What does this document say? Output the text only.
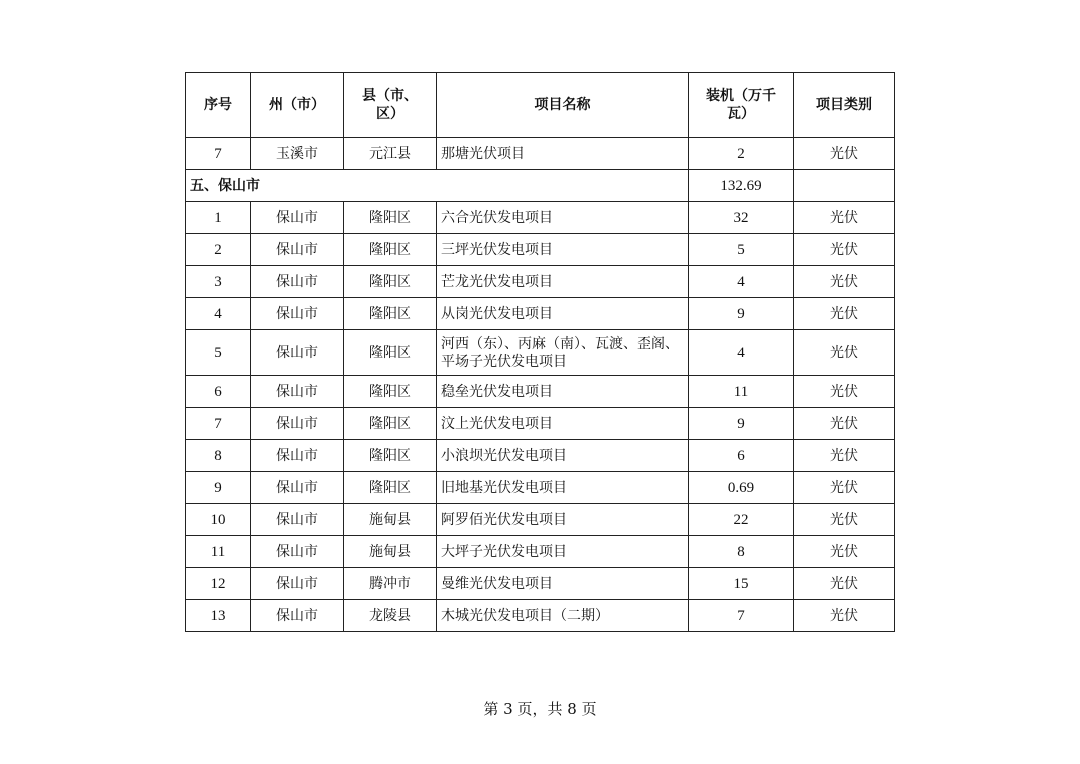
序号	州（市）	县（市、区）	项目名称	装机（万千瓦）	项目类别
7	玉溪市	元江县	那塘光伏项目	2	光伏
五、保山市				132.69	
1	保山市	隆阳区	六合光伏发电项目	32	光伏
2	保山市	隆阳区	三坪光伏发电项目	5	光伏
3	保山市	隆阳区	芒龙光伏发电项目	4	光伏
4	保山市	隆阳区	从岗光伏发电项目	9	光伏
5	保山市	隆阳区	河西（东）、丙麻（南）、瓦渡、歪阁、平场子光伏发电项目	4	光伏
6	保山市	隆阳区	稳垒光伏发电项目	11	光伏
7	保山市	隆阳区	汶上光伏发电项目	9	光伏
8	保山市	隆阳区	小浪坝光伏发电项目	6	光伏
9	保山市	隆阳区	旧地基光伏发电项目	0.69	光伏
10	保山市	施甸县	阿罗佰光伏发电项目	22	光伏
11	保山市	施甸县	大坪子光伏发电项目	8	光伏
12	保山市	腾冲市	曼维光伏发电项目	15	光伏
13	保山市	龙陵县	木城光伏发电项目（二期）	7	光伏
第 3 页，共 8 页
